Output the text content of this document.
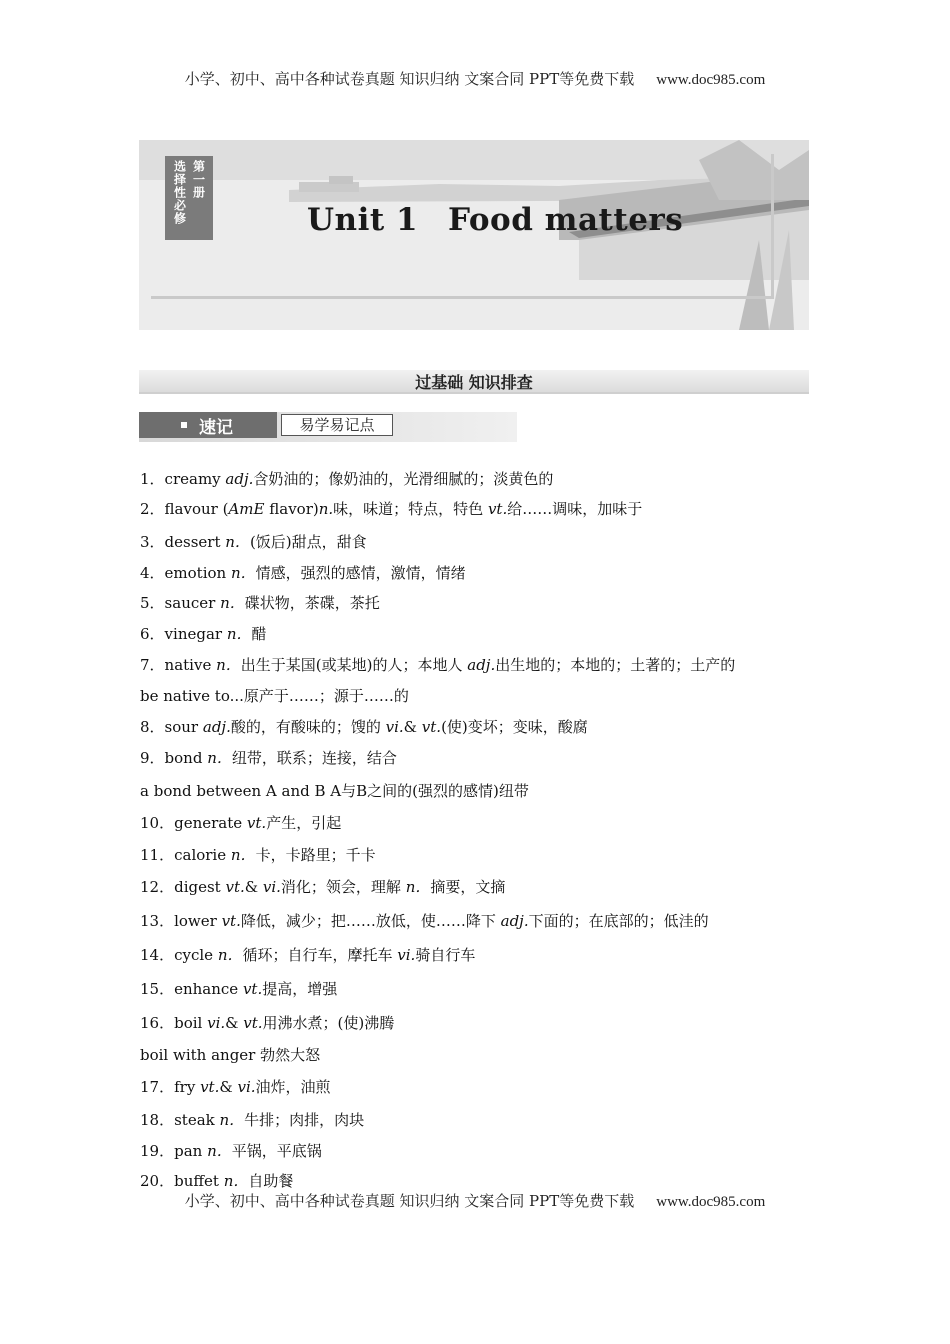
小学、初中、高中各种试卷真题 知识归纳 文案合同 PPT等免费下载 www.doc985.com
第一册
选择性必修	Unit 1 Food matters
过基础 知识排查
速记	易学易记点
1．creamy adj.含奶油的；像奶油的，光滑细腻的；淡黄色的
2．flavour (AmE flavor)n.味，味道；特点，特色 vt.给……调味，加味于
3．dessert n．(饭后)甜点，甜食
4．emotion n．情感，强烈的感情，激情，情绪
5．saucer n．碟状物，茶碟，茶托
6．vinegar n．醋
7．native n．出生于某国(或某地)的人；本地人 adj.出生地的；本地的；土著的；土产的
be native to...原产于……；源于……的
8．sour adj.酸的，有酸味的；馊的 vi.& vt.(使)变坏；变味，酸腐
9．bond n．纽带，联系；连接，结合
a bond between A and B A与B之间的(强烈的感情)纽带
10．generate vt.产生，引起
11．calorie n．卡，卡路里；千卡
12．digest vt.& vi.消化；领会，理解 n．摘要，文摘
13．lower vt.降低，减少；把……放低，使……降下 adj.下面的；在底部的；低洼的
14．cycle n．循环；自行车，摩托车 vi.骑自行车
15．enhance vt.提高，增强
16．boil vi.& vt.用沸水煮；(使)沸腾
boil with anger 勃然大怒
17．fry vt.& vi.油炸，油煎
18．steak n．牛排；肉排，肉块
19．pan n．平锅，平底锅
20．buffet n．自助餐
小学、初中、高中各种试卷真题 知识归纳 文案合同 PPT等免费下载 www.doc985.com
